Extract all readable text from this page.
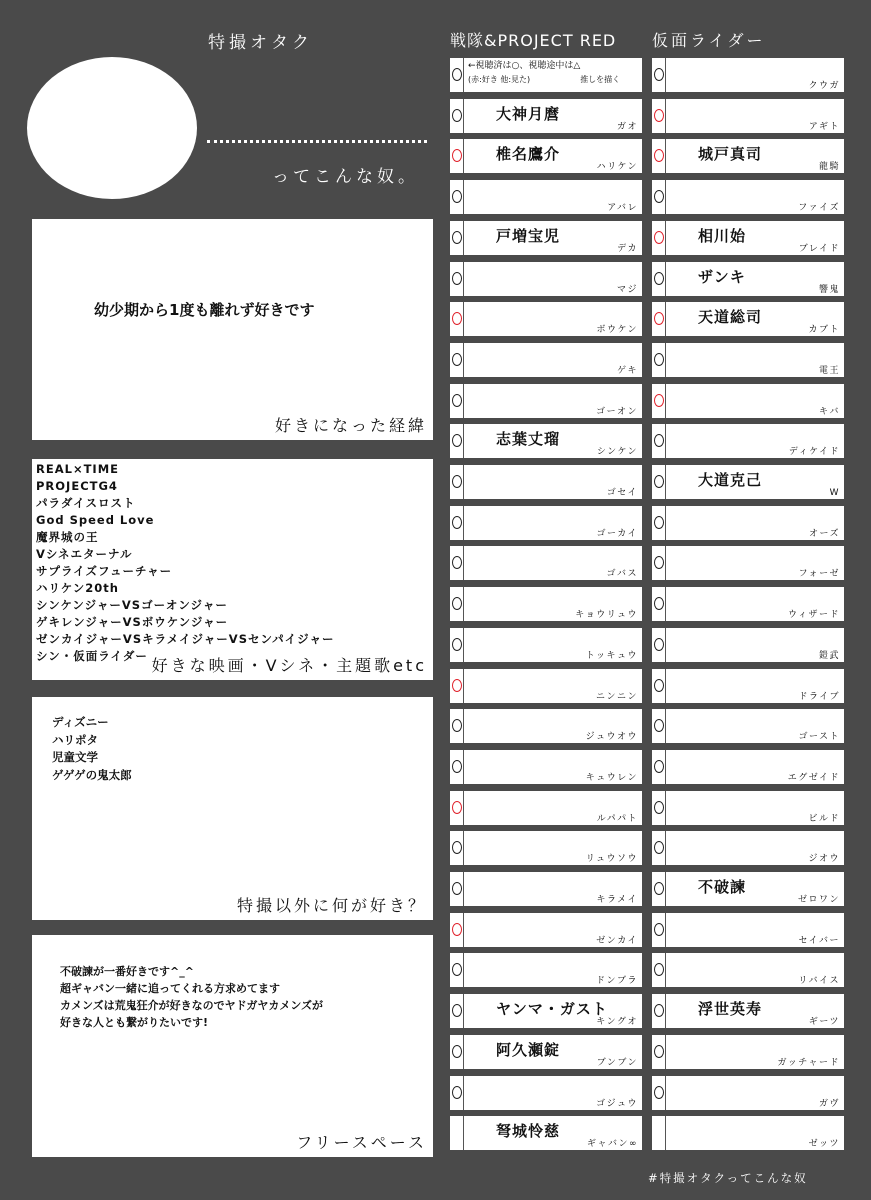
特撮オタク	戦隊&PROJECT RED 仮面ライダー
ってこんな奴。
幼少期から1度も離れず好きです
好きになった経緯
REAL×TIME
PROJECTG4
パラダイスロスト
God Speed Love
魔界城の王
Vシネエターナル
サプライズフューチャー
ハリケン20th
シンケンジャーVSゴーオンジャー
ゲキレンジャーVSボウケンジャー
ゼンカイジャーVSキラメイジャーVSセンパイジャー
シン・仮面ライダー 好きな映画・Vシネ・主題歌etc
ディズニー
ハリポタ
児童文学
ゲゲゲの鬼太郎
特撮以外に何が好き？
不破諫が一番好きです^_^
超ギャバン一緒に追ってくれる方求めてます
カメンズは荒鬼狂介が好きなのでヤドガヤカメンズが
好きな人とも繋がりたいです!
フリースペース
←視聴済は○、視聴途中は△
(赤:好き 他:見た)	推しを描く
大神月麿
ガオ
椎名鷹介
ハリケン
アバレ
戸増宝児
デカ
マジ
ボウケン
ゲキ
ゴーオン
志葉丈瑠
シンケン
ゴセイ
ゴーカイ
ゴバス
キョウリュウ
トッキュウ
ニンニン
ジュウオウ
キュウレン
ルパパト
リュウソウ
キラメイ
ゼンカイ
ドンブラ
ヤンマ・ガスト
キングオ
阿久瀬錠
ブンブン
ゴジュウ
弩城怜慈
ギャバン∞
クウガ
アギト
城戸真司
龍騎
ファイズ
相川始
ブレイド
ザンキ
響鬼
天道総司
カブト
電王
キバ
ディケイド
大道克己
W
オーズ
フォーゼ
ウィザード
鎧武
ドライブ
ゴースト
エグゼイド
ビルド
ジオウ
不破諫
ゼロワン
セイバー
リバイス
浮世英寿
ギーツ
ガッチャード
ガヴ
ゼッツ
#特撮オタクってこんな奴
